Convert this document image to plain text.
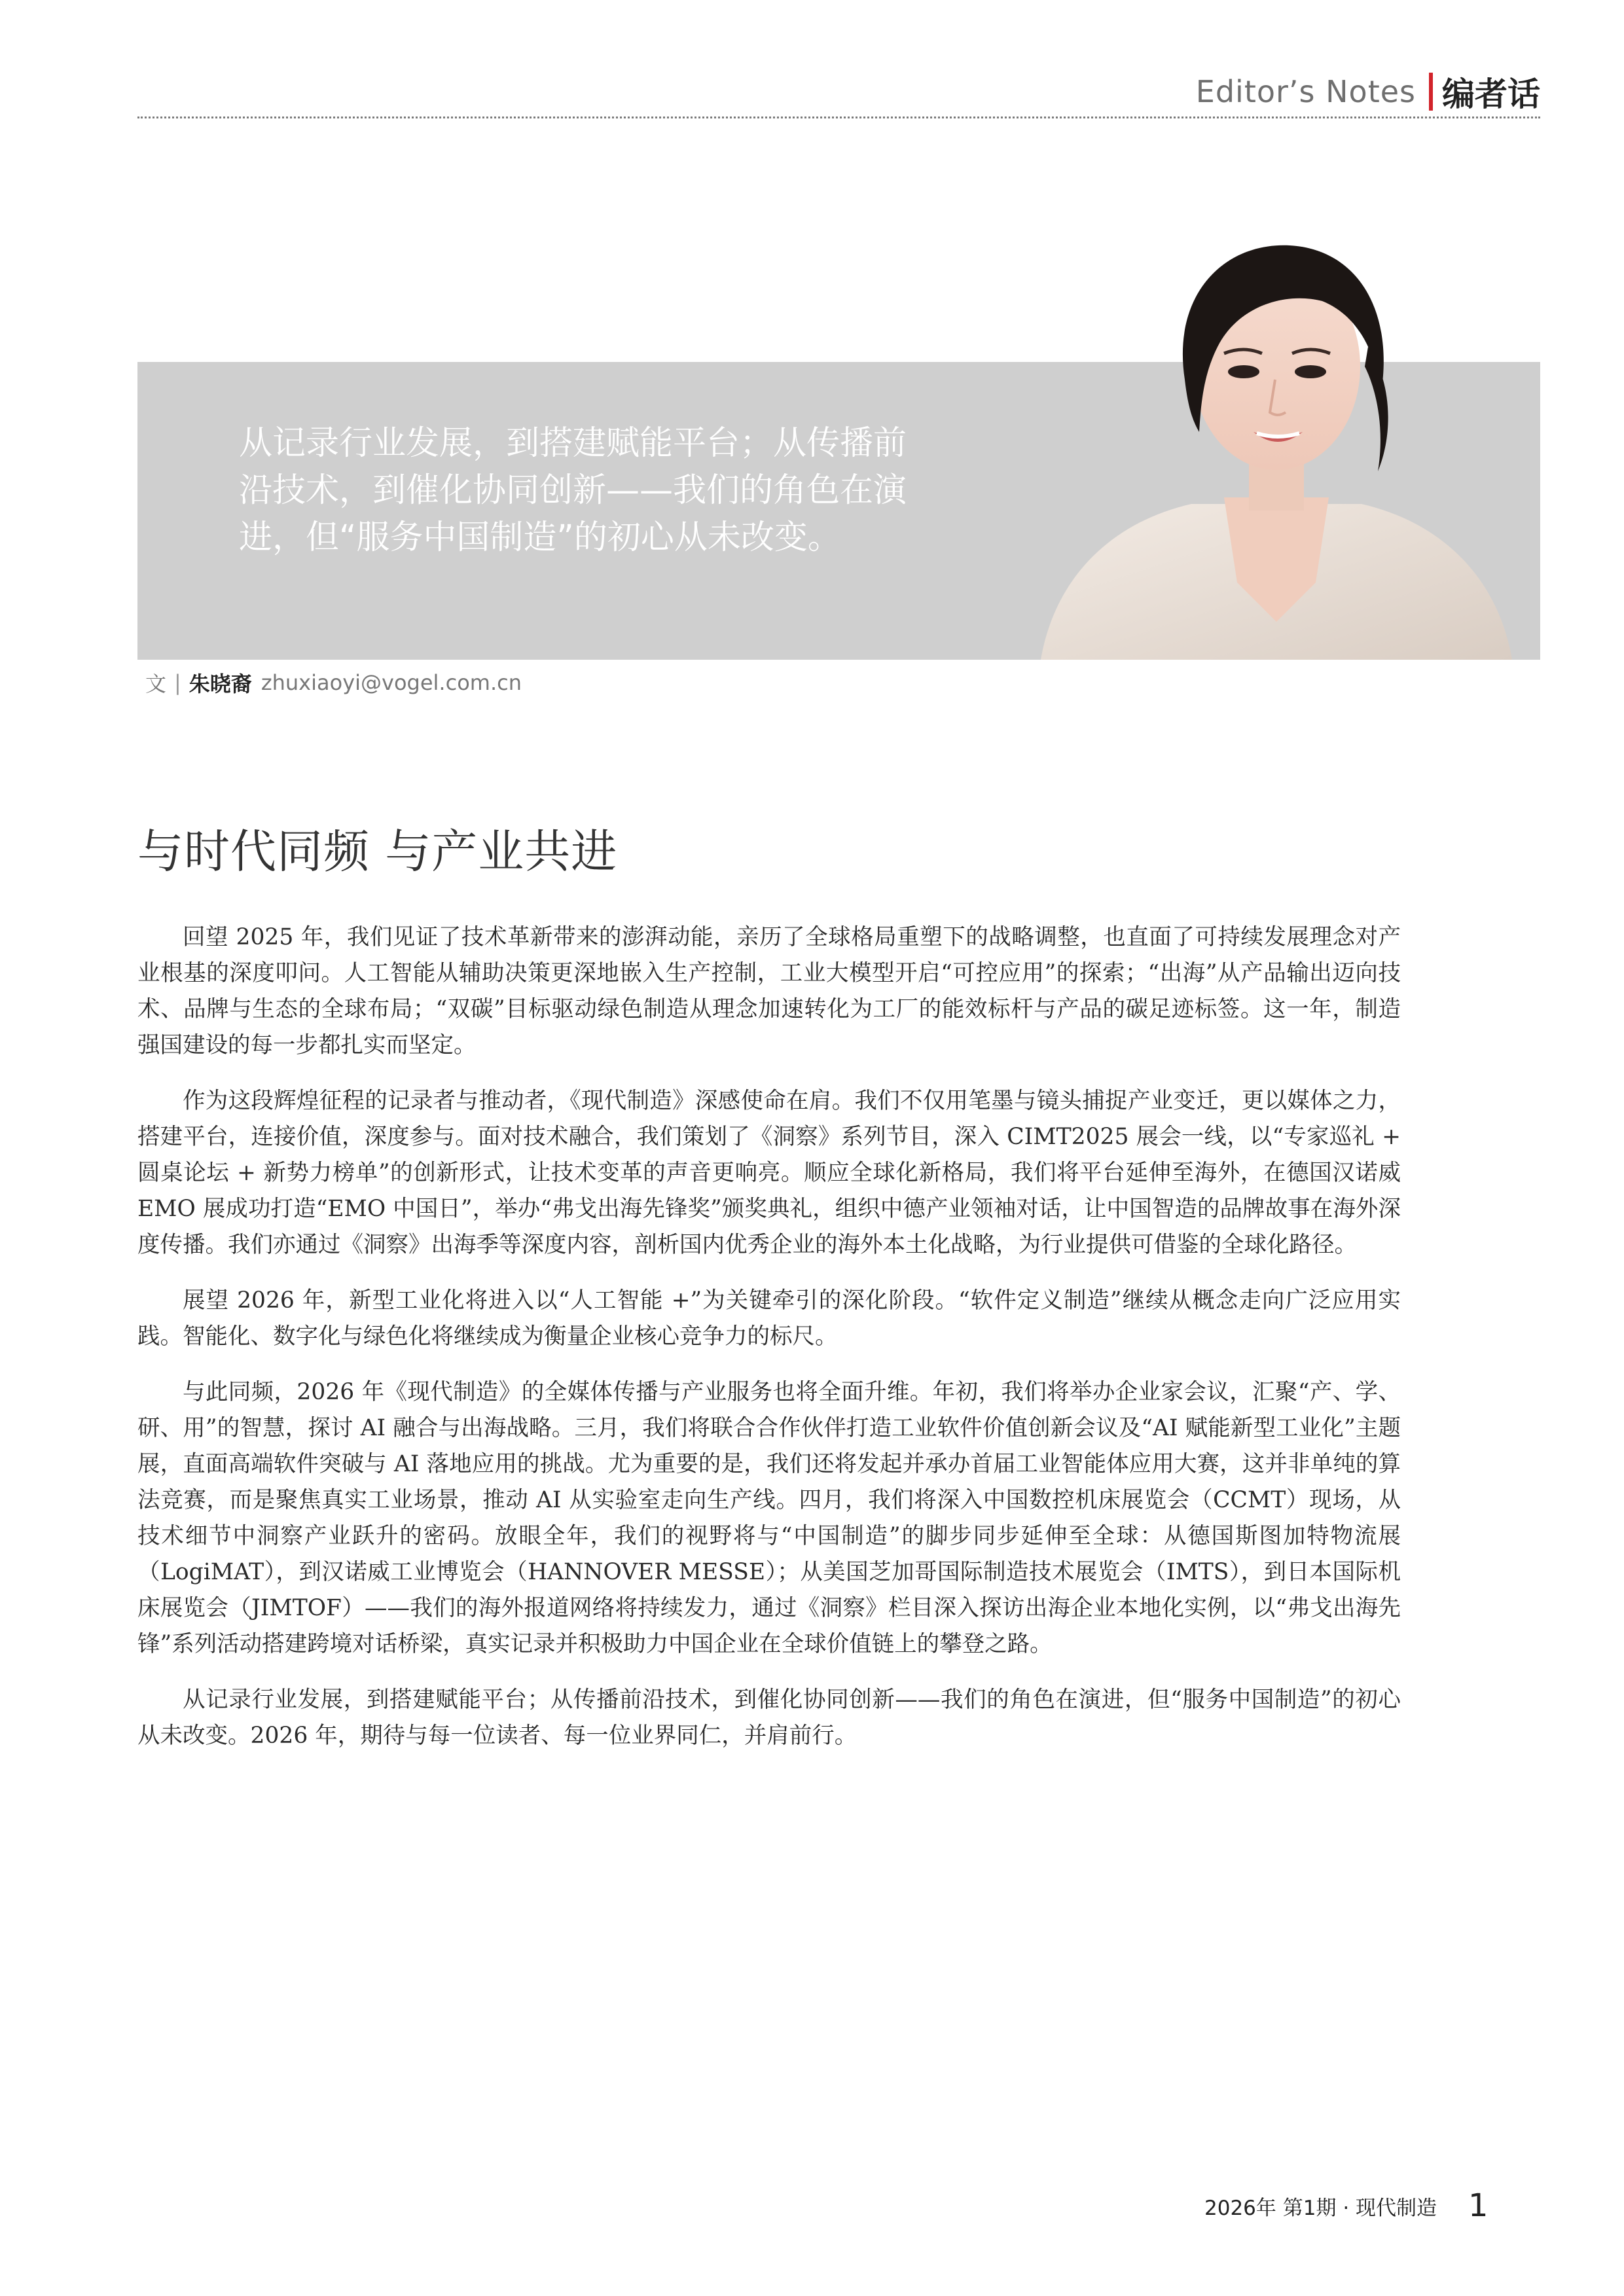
Editor’s Notes 编者话
从记录行业发展，到搭建赋能平台；从传播前沿技术，到催化协同创新——我们的角色在演进，但“服务中国制造”的初心从未改变。
文 | 朱晓裔 zhuxiaoyi@vogel.com.cn
与时代同频 与产业共进

回望 2025 年，我们见证了技术革新带来的澎湃动能，亲历了全球格局重塑下的战略调整，也直面了可持续发展理念对产业根基的深度叩问。人工智能从辅助决策更深地嵌入生产控制，工业大模型开启“可控应用”的探索；“出海”从产品输出迈向技术、品牌与生态的全球布局；“双碳”目标驱动绿色制造从理念加速转化为工厂的能效标杆与产品的碳足迹标签。这一年，制造强国建设的每一步都扎实而坚定。

作为这段辉煌征程的记录者与推动者，《现代制造》深感使命在肩。我们不仅用笔墨与镜头捕捉产业变迁，更以媒体之力，搭建平台，连接价值，深度参与。面对技术融合，我们策划了《洞察》系列节目，深入 CIMT2025 展会一线，以“专家巡礼 + 圆桌论坛 + 新势力榜单”的创新形式，让技术变革的声音更响亮。顺应全球化新格局，我们将平台延伸至海外，在德国汉诺威 EMO 展成功打造“EMO 中国日”，举办“弗戈出海先锋奖”颁奖典礼，组织中德产业领袖对话，让中国智造的品牌故事在海外深度传播。我们亦通过《洞察》出海季等深度内容，剖析国内优秀企业的海外本土化战略，为行业提供可借鉴的全球化路径。

展望 2026 年，新型工业化将进入以“人工智能 +”为关键牵引的深化阶段。“软件定义制造”继续从概念走向广泛应用实践。智能化、数字化与绿色化将继续成为衡量企业核心竞争力的标尺。

与此同频，2026 年《现代制造》的全媒体传播与产业服务也将全面升维。年初，我们将举办企业家会议，汇聚“产、学、研、用”的智慧，探讨 AI 融合与出海战略。三月，我们将联合合作伙伴打造工业软件价值创新会议及“AI 赋能新型工业化”主题展，直面高端软件突破与 AI 落地应用的挑战。尤为重要的是，我们还将发起并承办首届工业智能体应用大赛，这并非单纯的算法竞赛，而是聚焦真实工业场景，推动 AI 从实验室走向生产线。四月，我们将深入中国数控机床展览会（CCMT）现场，从技术细节中洞察产业跃升的密码。放眼全年，我们的视野将与“中国制造”的脚步同步延伸至全球：从德国斯图加特物流展（LogiMAT），到汉诺威工业博览会（HANNOVER MESSE）；从美国芝加哥国际制造技术展览会（IMTS），到日本国际机床展览会（JIMTOF）——我们的海外报道网络将持续发力，通过《洞察》栏目深入探访出海企业本地化实例，以“弗戈出海先锋”系列活动搭建跨境对话桥梁，真实记录并积极助力中国企业在全球价值链上的攀登之路。

从记录行业发展，到搭建赋能平台；从传播前沿技术，到催化协同创新——我们的角色在演进，但“服务中国制造”的初心从未改变。2026 年，期待与每一位读者、每一位业界同仁，并肩前行。

2026年 第1期 · 现代制造 1
